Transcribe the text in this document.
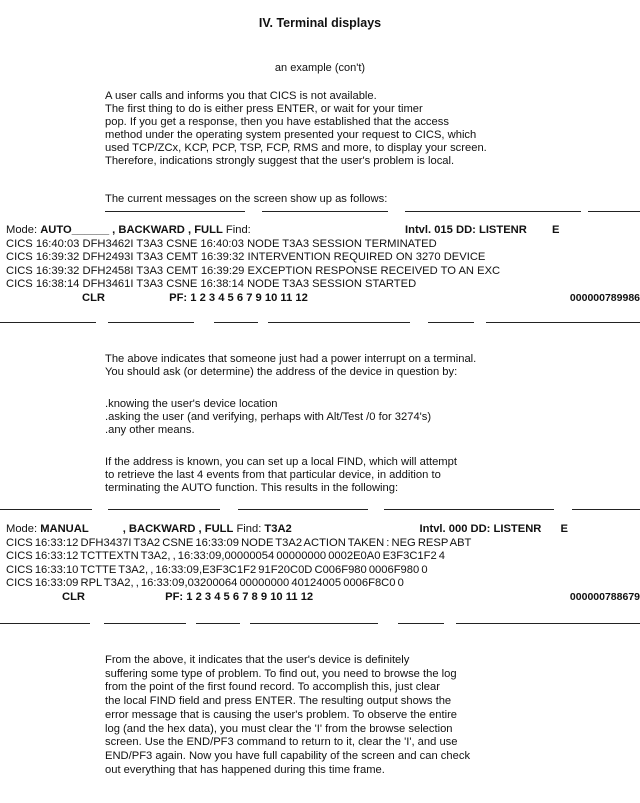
IV. Terminal displays
an example (con't)
A user calls and informs you that CICS is not available.
The first thing to do is either press ENTER, or wait for your timer
pop. If you get a response, then you have established that the access
method under the operating system presented your request to CICS, which
used TCP/ZCx, KCP, PCP, TSP, FCP, RMS and more, to display your screen.
Therefore, indications strongly suggest that the user's problem is local.
The current messages on the screen show up as follows:
Mode: AUTO______ , BACKWARD , FULL Find:	Intvl. 015 DD: LISTENR E
CICS 16:40:03 DFH3462I T3A3 CSNE 16:40:03 NODE T3A3 SESSION TERMINATED
CICS 16:39:32 DFH2493I T3A3 CEMT 16:39:32 INTERVENTION REQUIRED ON 3270 DEVICE
CICS 16:39:32 DFH2458I T3A3 CEMT 16:39:29 EXCEPTION RESPONSE RECEIVED TO AN EXC
CICS 16:38:14 DFH3461I T3A3 CSNE 16:38:14 NODE T3A3 SESSION STARTED
CLR	PF: 1 2 3 4 5 6 7 9 10 11 12	000000789986
The above indicates that someone just had a power interrupt on a terminal.
You should ask (or determine) the address of the device in question by:
.knowing the user's device location
.asking the user (and verifying, perhaps with Alt/Test /0 for 3274's)
.any other means.
If the address is known, you can set up a local FIND, which will attempt
to retrieve the last 4 events from that particular device, in addition to
terminating the AUTO function. This results in the following:
Mode: MANUAL	, BACKWARD , FULL Find: T3A2	Intvl. 000 DD: LISTENR E
CICS 16:33:12 DFH3437I T3A2 CSNE 16:33:09 NODE T3A2 ACTION TAKEN : NEG RESP ABT
CICS 16:33:12 TCTTEXTN T3A2, , 16:33:09,00000054 00000000 0002E0A0 E3F3C1F2 4
CICS 16:33:10 TCTTE T3A2, , 16:33:09,E3F3C1F2 91F20C0D C006F980 0006F980 0
CICS 16:33:09 RPL T3A2, , 16:33:09,03200064 00000000 40124005 0006F8C0 0
CLR	PF: 1 2 3 4 5 6 7 8 9 10 11 12	000000788679
From the above, it indicates that the user's device is definitely
suffering some type of problem. To find out, you need to browse the log
from the point of the first found record. To accomplish this, just clear
the local FIND field and press ENTER. The resulting output shows the
error message that is causing the user's problem. To observe the entire
log (and the hex data), you must clear the 'I' from the browse selection
screen. Use the END/PF3 command to return to it, clear the 'I', and use
END/PF3 again. Now you have full capability of the screen and can check
out everything that has happened during this time frame.
